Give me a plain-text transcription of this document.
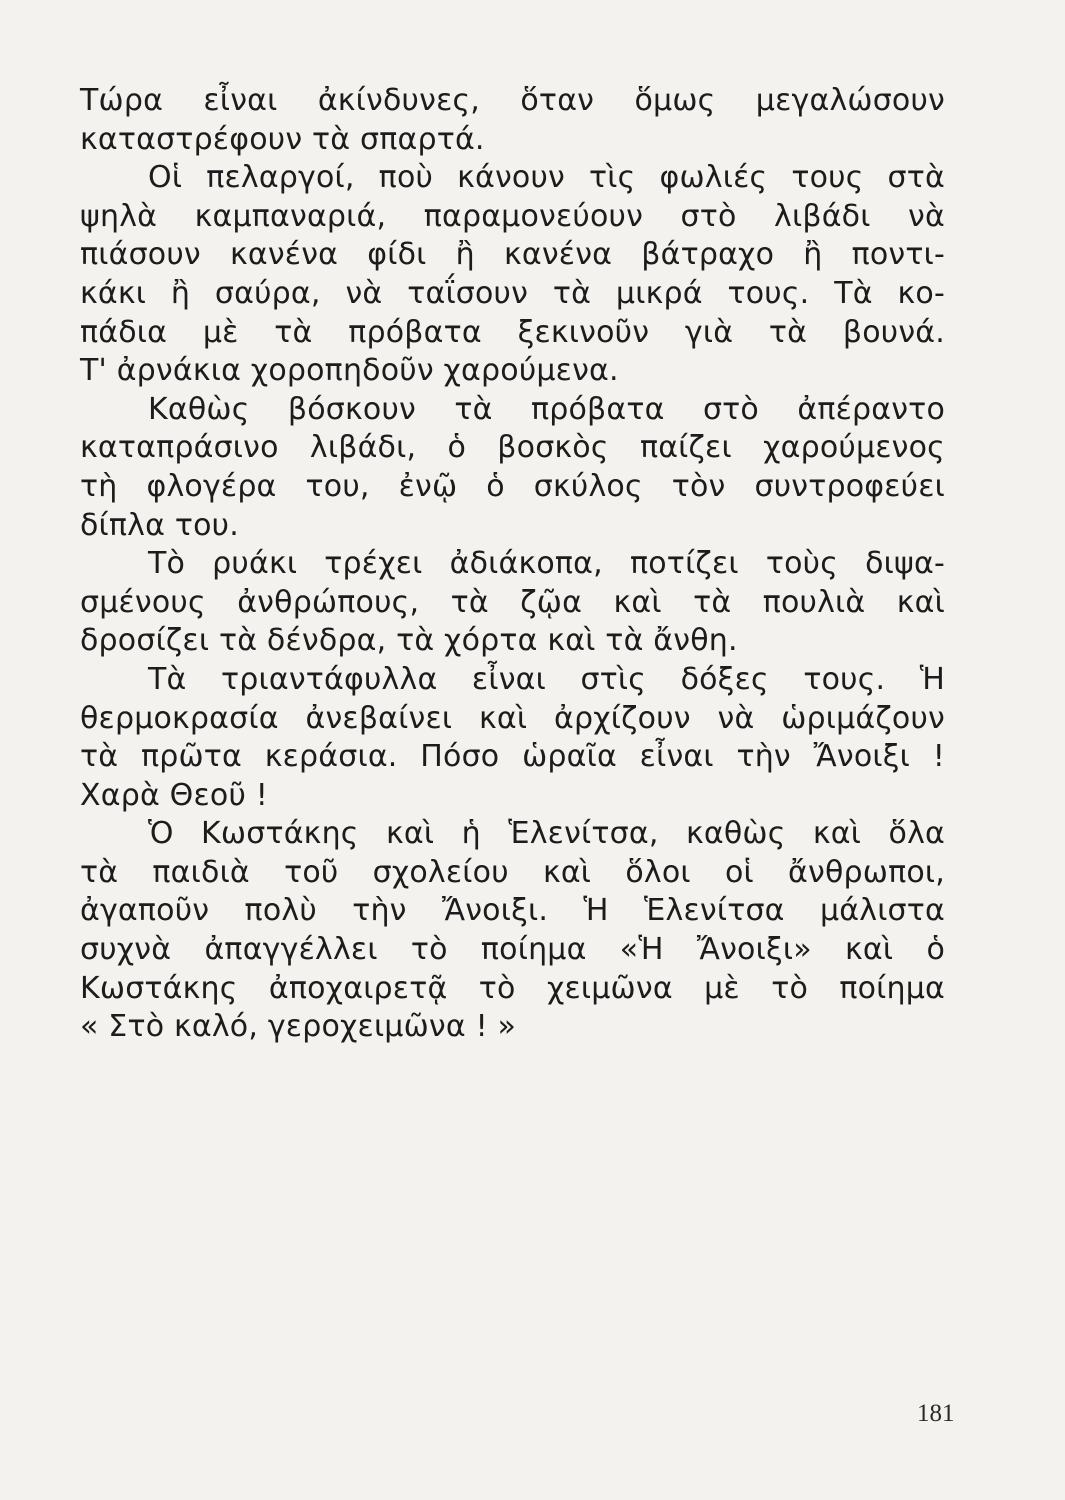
Τώρα εἶναι ἀκίνδυνες, ὅταν ὅμως μεγαλώσουν
καταστρέφουν τὰ σπαρτά.
Οἱ πελαργοί, ποὺ κάνουν τὶς φωλιές τους στὰ
ψηλὰ καμπαναριά, παραμονεύουν στὸ λιβάδι νὰ
πιάσουν κανένα φίδι ἢ κανένα βάτραχο ἢ ποντι-
κάκι ἢ σαύρα, νὰ ταΐσουν τὰ μικρά τους. Τὰ κο-
πάδια μὲ τὰ πρόβατα ξεκινοῦν γιὰ τὰ βουνά.
Τ' ἀρνάκια χοροπηδοῦν χαρούμενα.
Καθὼς βόσκουν τὰ πρόβατα στὸ ἀπέραντο
καταπράσινο λιβάδι, ὁ βοσκὸς παίζει χαρούμενος
τὴ φλογέρα του, ἐνῷ ὁ σκύλος τὸν συντροφεύει
δίπλα του.
Τὸ ρυάκι τρέχει ἀδιάκοπα, ποτίζει τοὺς διψα-
σμένους ἀνθρώπους, τὰ ζῷα καὶ τὰ πουλιὰ καὶ
δροσίζει τὰ δένδρα, τὰ χόρτα καὶ τὰ ἄνθη.
Τὰ τριαντάφυλλα εἶναι στὶς δόξες τους. Ἡ
θερμοκρασία ἀνεβαίνει καὶ ἀρχίζουν νὰ ὡριμάζουν
τὰ πρῶτα κεράσια. Πόσο ὡραῖα εἶναι τὴν Ἄνοιξι !
Χαρὰ Θεοῦ !
Ὁ Κωστάκης καὶ ἡ Ἑλενίτσα, καθὼς καὶ ὅλα
τὰ παιδιὰ τοῦ σχολείου καὶ ὅλοι οἱ ἄνθρωποι,
ἀγαποῦν πολὺ τὴν Ἄνοιξι. Ἡ Ἑλενίτσα μάλιστα
συχνὰ ἀπαγγέλλει τὸ ποίημα «Ἡ Ἄνοιξι» καὶ ὁ
Κωστάκης ἀποχαιρετᾷ τὸ χειμῶνα μὲ τὸ ποίημα
« Στὸ καλό, γεροχειμῶνα ! »
181
